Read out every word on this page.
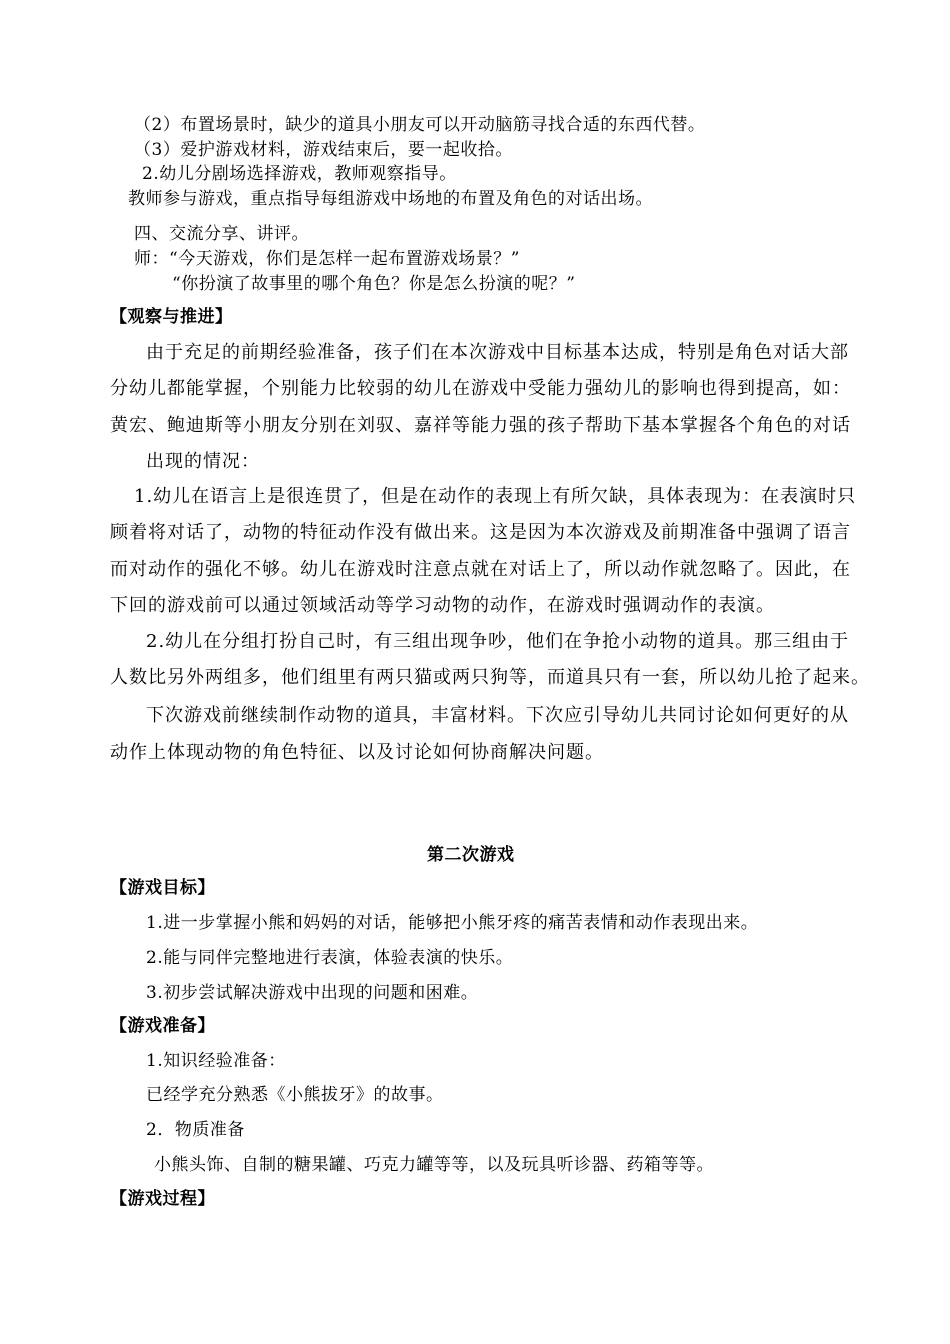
（2）布置场景时，缺少的道具小朋友可以开动脑筋寻找合适的东西代替。
（3）爱护游戏材料，游戏结束后，要一起收拾。
2.幼儿分剧场选择游戏，教师观察指导。
教师参与游戏，重点指导每组游戏中场地的布置及角色的对话出场。
四、交流分享、讲评。
师：“今天游戏，你们是怎样一起布置游戏场景？”
“你扮演了故事里的哪个角色？你是怎么扮演的呢？”
【观察与推进】
由于充足的前期经验准备，孩子们在本次游戏中目标基本达成，特别是角色对话大部
分幼儿都能掌握，个别能力比较弱的幼儿在游戏中受能力强幼儿的影响也得到提高，如：
黄宏、鲍迪斯等小朋友分别在刘驭、嘉祥等能力强的孩子帮助下基本掌握各个角色的对话
出现的情况：
1.幼儿在语言上是很连贯了，但是在动作的表现上有所欠缺，具体表现为：在表演时只
顾着将对话了，动物的特征动作没有做出来。这是因为本次游戏及前期准备中强调了语言
而对动作的强化不够。幼儿在游戏时注意点就在对话上了，所以动作就忽略了。因此，在
下回的游戏前可以通过领域活动等学习动物的动作，在游戏时强调动作的表演。
2.幼儿在分组打扮自己时，有三组出现争吵，他们在争抢小动物的道具。那三组由于
人数比另外两组多，他们组里有两只猫或两只狗等，而道具只有一套，所以幼儿抢了起来。
下次游戏前继续制作动物的道具，丰富材料。下次应引导幼儿共同讨论如何更好的从
动作上体现动物的角色特征、以及讨论如何协商解决问题。
第二次游戏
【游戏目标】
1.进一步掌握小熊和妈妈的对话，能够把小熊牙疼的痛苦表情和动作表现出来。
2.能与同伴完整地进行表演，体验表演的快乐。
3.初步尝试解决游戏中出现的问题和困难。
【游戏准备】
1.知识经验准备：
已经学充分熟悉《小熊拔牙》的故事。
2．物质准备
小熊头饰、自制的糖果罐、巧克力罐等等，以及玩具听诊器、药箱等等。
【游戏过程】
